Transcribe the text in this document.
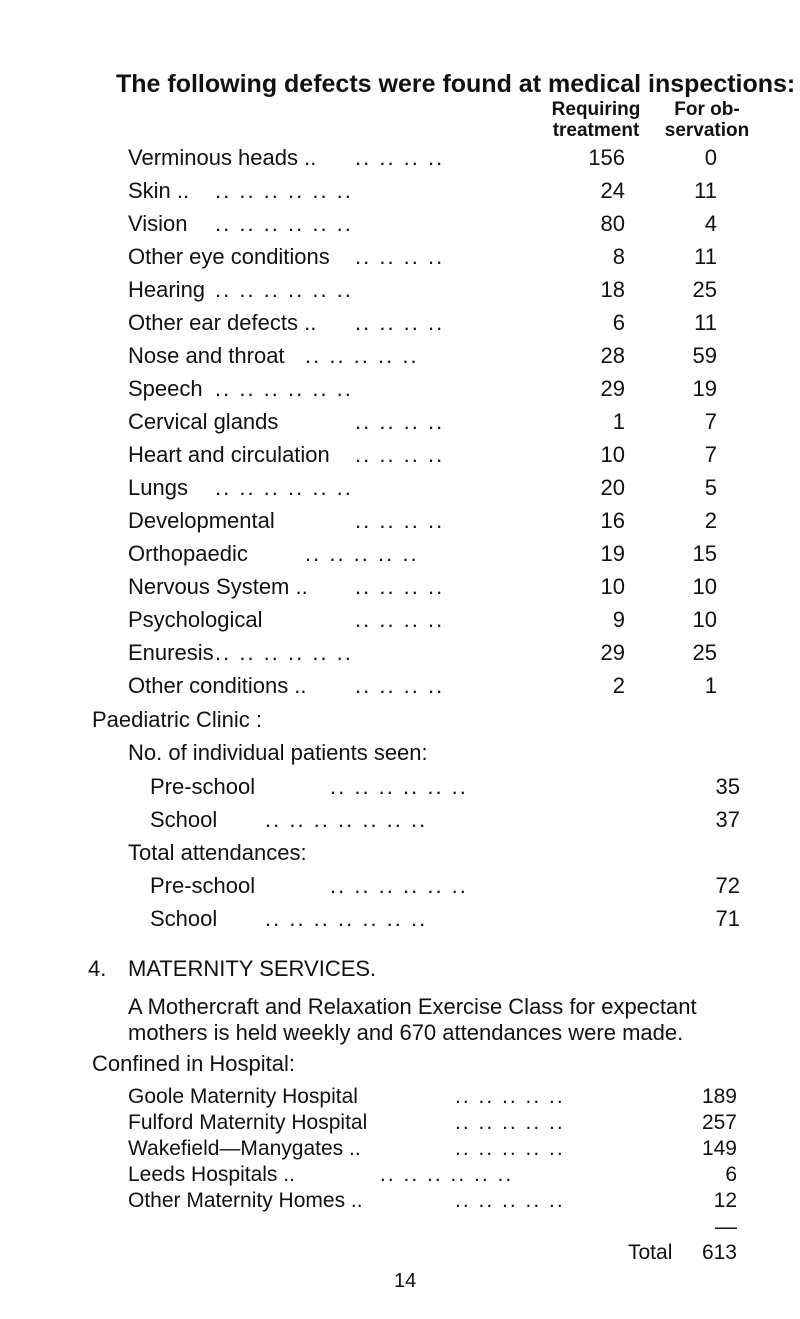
The following defects were found at medical inspections:
Requiring
treatment
For ob-
servation
Verminous heads .. .. .. .. ..	156	0
Skin .. .. .. .. .. .. ..	24	11
Vision .. .. .. .. .. ..	80	4
Other eye conditions .. .. .. ..	8	11
Hearing .. .. .. .. .. ..	18	25
Other ear defects .. .. .. .. ..	6	11
Nose and throat .. .. .. .. ..	28	59
Speech .. .. .. .. .. ..	29	19
Cervical glands	.. .. .. ..	1	7
Heart and circulation .. .. .. ..	10	7
Lungs .. .. .. .. .. ..	20	5
Developmental	.. .. .. ..	16	2
Orthopaedic	.. .. .. .. ..	19	15
Nervous System .. .. .. .. ..	10	10
Psychological	.. .. .. ..	9	10
Enuresis .. .. .. .. .. ..	29	25
Other conditions .. .. .. .. ..	2	1
Paediatric Clinic :
No. of individual patients seen:
Pre-school	.. .. .. .. .. ..	35
School .. .. .. .. .. .. ..	37
Total attendances:
Pre-school	.. .. .. .. .. ..	72
School .. .. .. .. .. .. ..	71
4. MATERNITY SERVICES.
A Mothercraft and Relaxation Exercise Class for expectant mothers is held weekly and 670 attendances were made.
Confined in Hospital:
Goole Maternity Hospital	.. .. .. .. ..	189
Fulford Maternity Hospital	.. .. .. .. ..	257
Wakefield—Manygates ..	.. .. .. .. ..	149
Leeds Hospitals ..	.. .. .. .. .. ..	6
Other Maternity Homes ..	.. .. .. .. ..	12
—
Total	613
14
